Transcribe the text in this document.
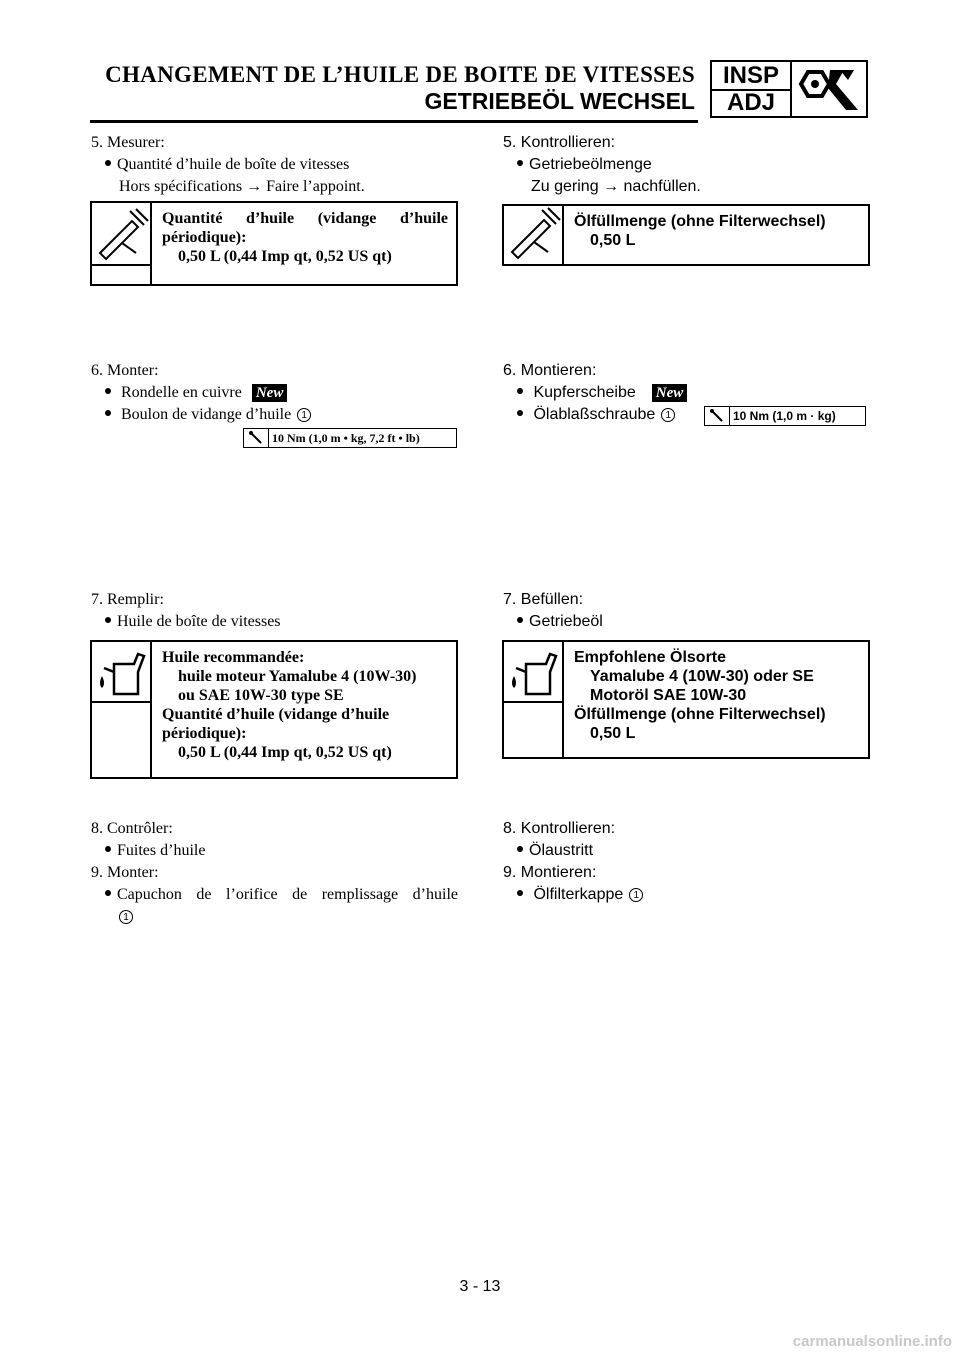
CHANGEMENT DE L’HUILE DE BOITE DE VITESSES
GETRIEBEÖL WECHSEL
INSP
ADJ
5. Mesurer:
Quantité d’huile de boîte de vitesses
Hors spécifications → Faire l’appoint.
Quantité d’huile (vidange d’huile
périodique):
0,50 L (0,44 Imp qt, 0,52 US qt)
6. Monter:
Rondelle en cuivre New
Boulon de vidange d’huile 1
10 Nm (1,0 m • kg, 7,2 ft • lb)
7. Remplir:
Huile de boîte de vitesses
Huile recommandée:
huile moteur Yamalube 4 (10W-30)
ou SAE 10W-30 type SE
Quantité d’huile (vidange d’huile
périodique):
0,50 L (0,44 Imp qt, 0,52 US qt)
8. Contrôler:
Fuites d’huile
9. Monter:
Capuchon de l’orifice de remplissage d’huile
1
5. Kontrollieren:
Getriebeölmenge
Zu gering → nachfüllen.
Ölfüllmenge (ohne Filterwechsel)
0,50 L
6. Montieren:
Kupferscheibe New
Ölablaßschraube 1	10 Nm (1,0 m · kg)
7. Befüllen:
Getriebeöl
Empfohlene Ölsorte
Yamalube 4 (10W-30) oder SE
Motoröl SAE 10W-30
Ölfüllmenge (ohne Filterwechsel)
0,50 L
8. Kontrollieren:
Ölaustritt
9. Montieren:
Ölfilterkappe 1
3 - 13
carmanualsonline.info
